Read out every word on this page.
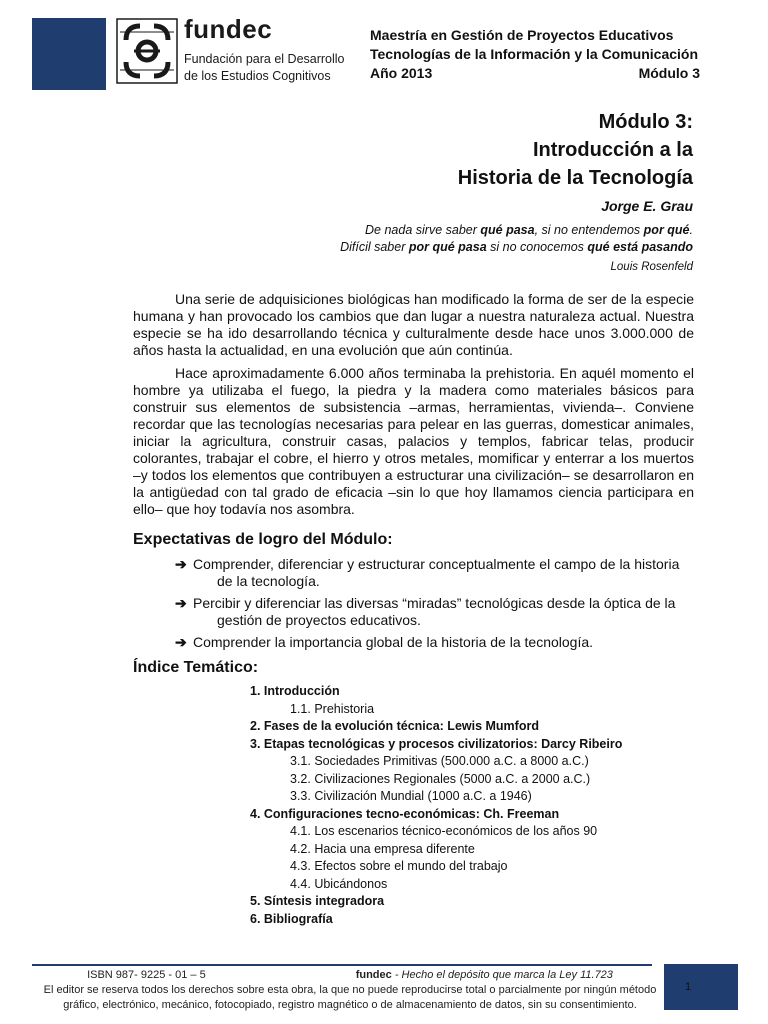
fundec
Fundación para el Desarrollo
de los Estudios Cognitivos
Maestría en Gestión de Proyectos Educativos
Tecnologías de la Información y la Comunicación
Año 2013	Módulo 3
Módulo 3:
Introducción a la
Historia de la Tecnología
Jorge E. Grau
De nada sirve saber qué pasa, si no entendemos por qué.
Difícil saber por qué pasa si no conocemos qué está pasando
Louis Rosenfeld

Una serie de adquisiciones biológicas han modificado la forma de ser de la especie humana y han provocado los cambios que dan lugar a nuestra naturaleza actual. Nuestra especie se ha ido desarrollando técnica y culturalmente desde hace unos 3.000.000 de años hasta la actualidad, en una evolución que aún continúa.

Hace aproximadamente 6.000 años terminaba la prehistoria. En aquél momento el hombre ya utilizaba el fuego, la piedra y la madera como materiales básicos para construir sus elementos de subsistencia –armas, herramientas, vivienda–. Conviene recordar que las tecnologías necesarias para pelear en las guerras, domesticar animales, iniciar la agricultura, construir casas, palacios y templos, fabricar telas, producir colorantes, trabajar el cobre, el hierro y otros metales, momificar y enterrar a los muertos –y todos los elementos que contribuyen a estructurar una civilización– se desarrollaron en la antigüedad con tal grado de eficacia –sin lo que hoy llamamos ciencia participara en ello– que hoy todavía nos asombra.

Expectativas de logro del Módulo:
➔ Comprender, diferenciar y estructurar conceptualmente el campo de la historia
de la tecnología.
➔ Percibir y diferenciar las diversas “miradas” tecnológicas desde la óptica de la
gestión de proyectos educativos.
➔ Comprender la importancia global de la historia de la tecnología.
Índice Temático:
1. Introducción
1.1. Prehistoria
2. Fases de la evolución técnica: Lewis Mumford
3. Etapas tecnológicas y procesos civilizatorios: Darcy Ribeiro
3.1. Sociedades Primitivas (500.000 a.C. a 8000 a.C.)
3.2. Civilizaciones Regionales (5000 a.C. a 2000 a.C.)
3.3. Civilización Mundial (1000 a.C. a 1946)
4. Configuraciones tecno-económicas: Ch. Freeman
4.1. Los escenarios técnico-económicos de los años 90
4.2. Hacia una empresa diferente
4.3. Efectos sobre el mundo del trabajo
4.4. Ubicándonos
5. Síntesis integradora
6. Bibliografía
ISBN 987- 9225 - 01 – 5	fundec - Hecho el depósito que marca la Ley 11.723
El editor se reserva todos los derechos sobre esta obra, la que no puede reproducirse total o parcialmente por ningún método
gráfico, electrónico, mecánico, fotocopiado, registro magnético o de almacenamiento de datos, sin su consentimiento.
1
